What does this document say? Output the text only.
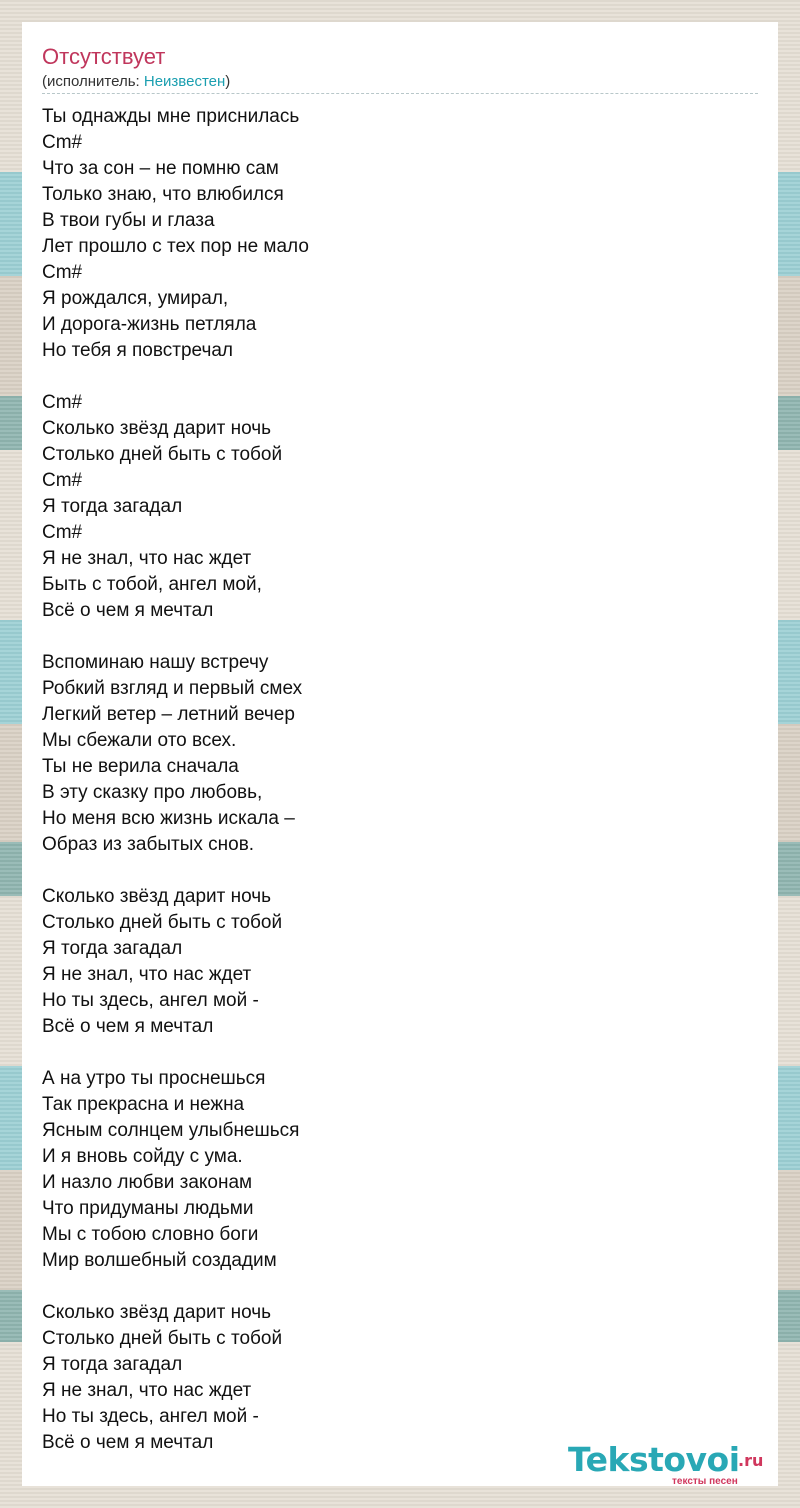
Отсутствует
(исполнитель: Неизвестен)
Ты однажды мне приснилась
Cm#
Что за сон – не помню сам
Только знаю, что влюбился
В твои губы и глаза
Лет прошло с тех пор не мало
Cm#
Я рождался, умирал,
И дорога-жизнь петляла
Но тебя я повстречал
Cm#
Сколько звёзд дарит ночь
Столько дней быть с тобой
Cm#
Я тогда загадал
Cm#
Я не знал, что нас ждет
Быть с тобой, ангел мой,
Всё о чем я мечтал
Вспоминаю нашу встречу
Робкий взгляд и первый смех
Легкий ветер – летний вечер
Мы сбежали ото всех.
Ты не верила сначала
В эту сказку про любовь,
Но меня всю жизнь искала –
Образ из забытых снов.
Сколько звёзд дарит ночь
Столько дней быть с тобой
Я тогда загадал
Я не знал, что нас ждет
Но ты здесь, ангел мой -
Всё о чем я мечтал
А на утро ты проснешься
Так прекрасна и нежна
Ясным солнцем улыбнешься
И я вновь сойду с ума.
И назло любви законам
Что придуманы людьми
Мы с тобою словно боги
Мир волшебный создадим
Сколько звёзд дарит ночь
Столько дней быть с тобой
Я тогда загадал
Я не знал, что нас ждет
Но ты здесь, ангел мой -
Всё о чем я мечтал	Tekstovoi
.ru
тексты песен
